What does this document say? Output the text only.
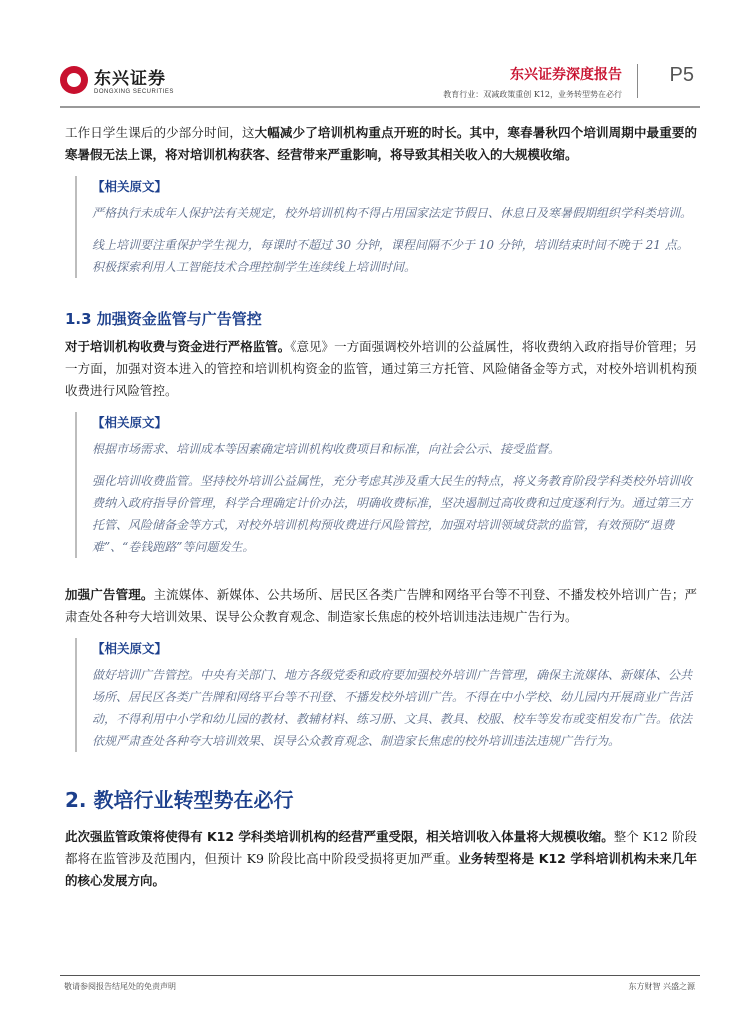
东兴证券
DONGXING SECURITIES
东兴证券深度报告
教育行业：双减政策重创 K12，业务转型势在必行
P5

工作日学生课后的少部分时间，这大幅减少了培训机构重点开班的时长。其中，寒春暑秋四个培训周期中最重要的寒暑假无法上课，将对培训机构获客、经营带来严重影响，将导致其相关收入的大规模收缩。

【相关原文】

严格执行未成年人保护法有关规定，校外培训机构不得占用国家法定节假日、休息日及寒暑假期组织学科类培训。

线上培训要注重保护学生视力，每课时不超过 30 分钟，课程间隔不少于 10 分钟，培训结束时间不晚于 21 点。积极探索利用人工智能技术合理控制学生连续线上培训时间。

1.3 加强资金监管与广告管控

对于培训机构收费与资金进行严格监管。《意见》一方面强调校外培训的公益属性，将收费纳入政府指导价管理；另一方面，加强对资本进入的管控和培训机构资金的监管，通过第三方托管、风险储备金等方式，对校外培训机构预收费进行风险管控。

【相关原文】

根据市场需求、培训成本等因素确定培训机构收费项目和标准，向社会公示、接受监督。

强化培训收费监管。坚持校外培训公益属性，充分考虑其涉及重大民生的特点，将义务教育阶段学科类校外培训收费纳入政府指导价管理，科学合理确定计价办法，明确收费标准，坚决遏制过高收费和过度逐利行为。通过第三方托管、风险储备金等方式，对校外培训机构预收费进行风险管控，加强对培训领域贷款的监管，有效预防“退费难”、“卷钱跑路”等问题发生。

加强广告管理。主流媒体、新媒体、公共场所、居民区各类广告牌和网络平台等不刊登、不播发校外培训广告；严肃查处各种夸大培训效果、误导公众教育观念、制造家长焦虑的校外培训违法违规广告行为。

【相关原文】

做好培训广告管控。中央有关部门、地方各级党委和政府要加强校外培训广告管理，确保主流媒体、新媒体、公共场所、居民区各类广告牌和网络平台等不刊登、不播发校外培训广告。不得在中小学校、幼儿园内开展商业广告活动，不得利用中小学和幼儿园的教材、教辅材料、练习册、文具、教具、校服、校车等发布或变相发布广告。依法依规严肃查处各种夸大培训效果、误导公众教育观念、制造家长焦虑的校外培训违法违规广告行为。

2. 教培行业转型势在必行

此次强监管政策将使得有 K12 学科类培训机构的经营严重受限，相关培训收入体量将大规模收缩。整个 K12 阶段都将在监管涉及范围内，但预计 K9 阶段比高中阶段受损将更加严重。业务转型将是 K12 学科培训机构未来几年的核心发展方向。

敬请参阅报告结尾处的免责声明	东方财智 兴盛之源
